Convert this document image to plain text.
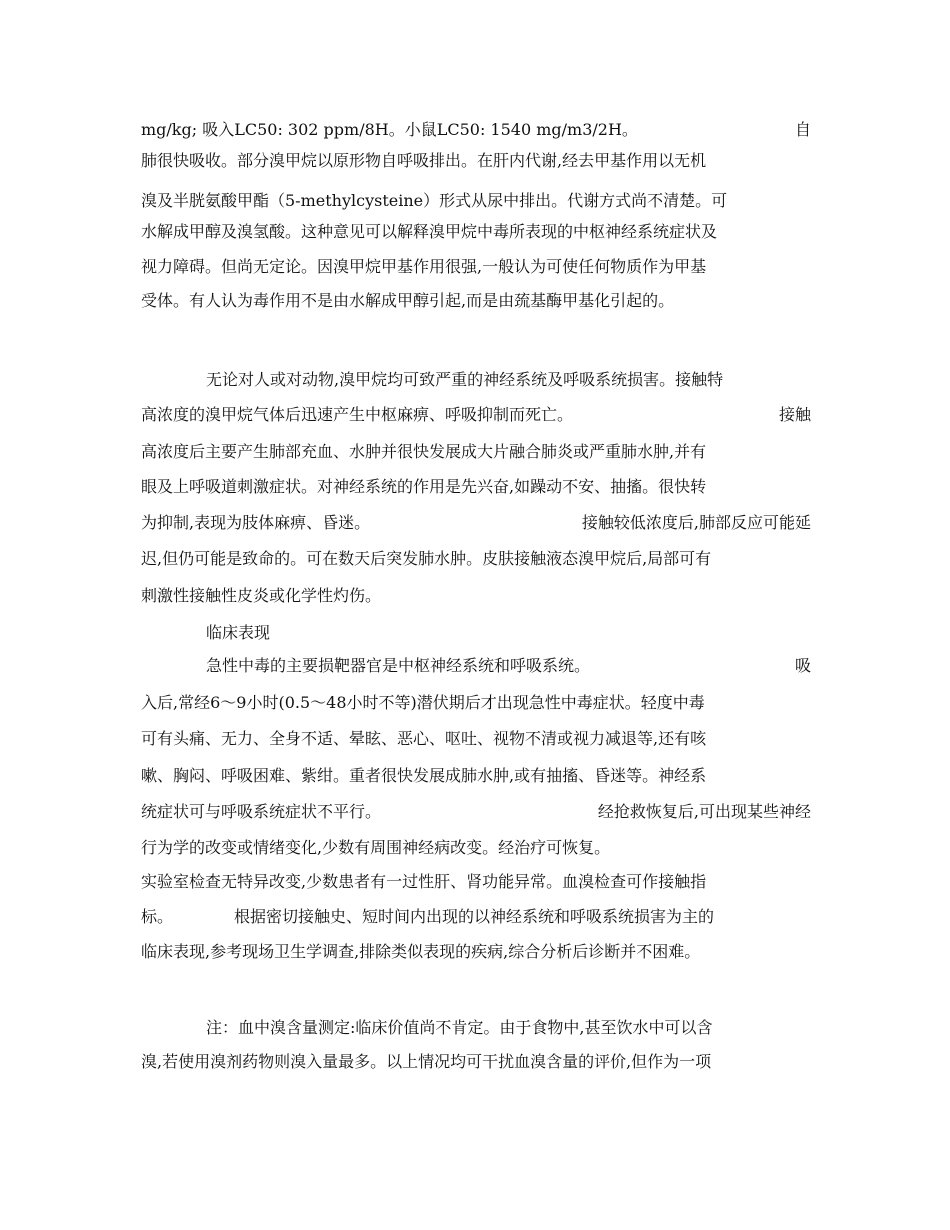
mg/kg; 吸入LC50: 302 ppm/8H。小鼠LC50: 1540 mg/m3/2H。	自
肺很快吸收。部分溴甲烷以原形物自呼吸排出。在肝内代谢,经去甲基作用以无机
溴及半胱氨酸甲酯（5-methylcysteine）形式从尿中排出。代谢方式尚不清楚。可
水解成甲醇及溴氢酸。这种意见可以解释溴甲烷中毒所表现的中枢神经系统症状及
视力障碍。但尚无定论。因溴甲烷甲基作用很强,一般认为可使任何物质作为甲基
受体。有人认为毒作用不是由水解成甲醇引起,而是由巯基酶甲基化引起的。
无论对人或对动物,溴甲烷均可致严重的神经系统及呼吸系统损害。接触特
高浓度的溴甲烷气体后迅速产生中枢麻痹、呼吸抑制而死亡。	接触
高浓度后主要产生肺部充血、水肿并很快发展成大片融合肺炎或严重肺水肿,并有
眼及上呼吸道刺激症状。对神经系统的作用是先兴奋,如躁动不安、抽搐。很快转
为抑制,表现为肢体麻痹、昏迷。	接触较低浓度后,肺部反应可能延
迟,但仍可能是致命的。可在数天后突发肺水肿。皮肤接触液态溴甲烷后,局部可有
刺激性接触性皮炎或化学性灼伤。
临床表现
急性中毒的主要损靶器官是中枢神经系统和呼吸系统。	吸
入后,常经6～9小时(0.5～48小时不等)潜伏期后才出现急性中毒症状。轻度中毒
可有头痛、无力、全身不适、晕眩、恶心、呕吐、视物不清或视力减退等,还有咳
嗽、胸闷、呼吸困难、紫绀。重者很快发展成肺水肿,或有抽搐、昏迷等。神经系
统症状可与呼吸系统症状不平行。	经抢救恢复后,可出现某些神经
行为学的改变或情绪变化,少数有周围神经病改变。经治疗可恢复。
实验室检查无特异改变,少数患者有一过性肝、肾功能异常。血溴检查可作接触指
标。	根据密切接触史、短时间内出现的以神经系统和呼吸系统损害为主的
临床表现,参考现场卫生学调查,排除类似表现的疾病,综合分析后诊断并不困难。
注：血中溴含量测定:临床价值尚不肯定。由于食物中,甚至饮水中可以含
溴,若使用溴剂药物则溴入量最多。以上情况均可干扰血溴含量的评价,但作为一项
